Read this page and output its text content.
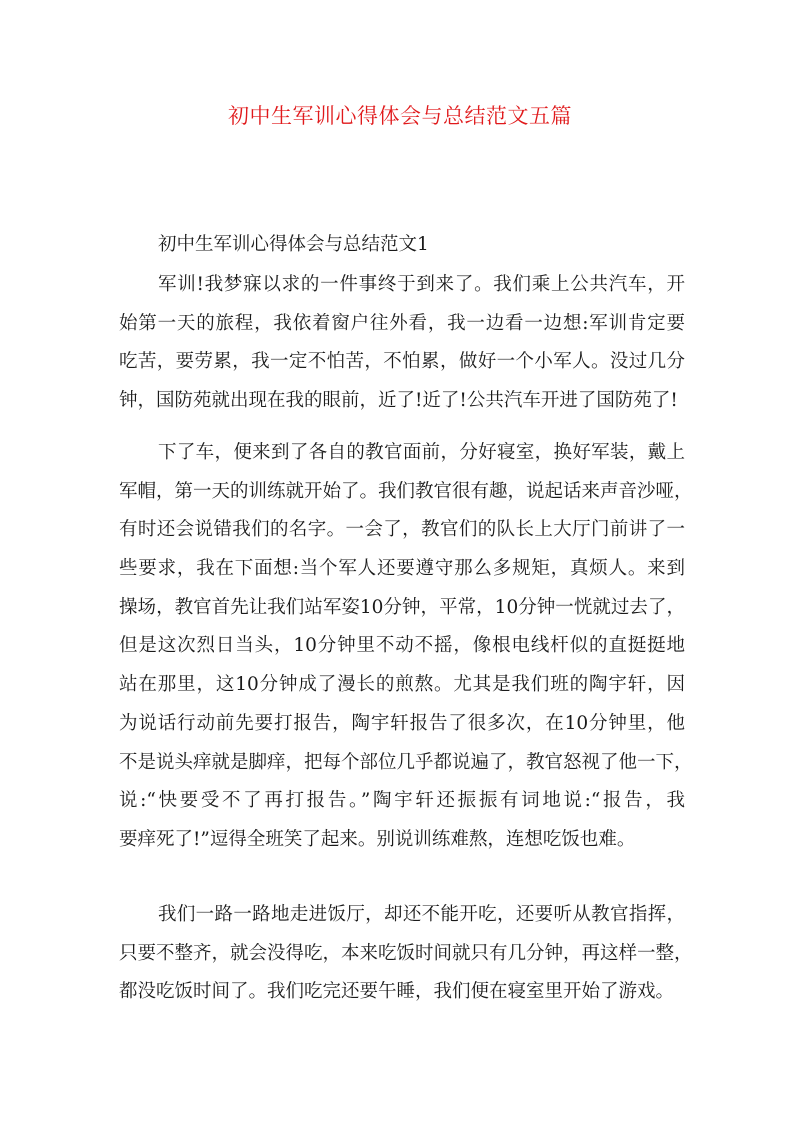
初中生军训心得体会与总结范文五篇
初中生军训心得体会与总结范文1
军训!我梦寐以求的一件事终于到来了。我们乘上公共汽车，开
始第一天的旅程，我依着窗户往外看，我一边看一边想:军训肯定要
吃苦，要劳累，我一定不怕苦，不怕累，做好一个小军人。没过几分
钟，国防苑就出现在我的眼前，近了!近了!公共汽车开进了国防苑了!
下了车，便来到了各自的教官面前，分好寝室，换好军装，戴上
军帽，第一天的训练就开始了。我们教官很有趣，说起话来声音沙哑，
有时还会说错我们的名字。一会了，教官们的队长上大厅门前讲了一
些要求，我在下面想:当个军人还要遵守那么多规矩，真烦人。来到
操场，教官首先让我们站军姿10分钟，平常，10分钟一恍就过去了，
但是这次烈日当头，10分钟里不动不摇，像根电线杆似的直挺挺地
站在那里，这10分钟成了漫长的煎熬。尤其是我们班的陶宇轩，因
为说话行动前先要打报告，陶宇轩报告了很多次，在10分钟里，他
不是说头痒就是脚痒，把每个部位几乎都说遍了，教官怒视了他一下，
说:“快要受不了再打报告。”陶宇轩还振振有词地说:“报告，我
要痒死了!”逗得全班笑了起来。别说训练难熬，连想吃饭也难。
我们一路一路地走进饭厅，却还不能开吃，还要听从教官指挥，
只要不整齐，就会没得吃，本来吃饭时间就只有几分钟，再这样一整，
都没吃饭时间了。我们吃完还要午睡，我们便在寝室里开始了游戏。
